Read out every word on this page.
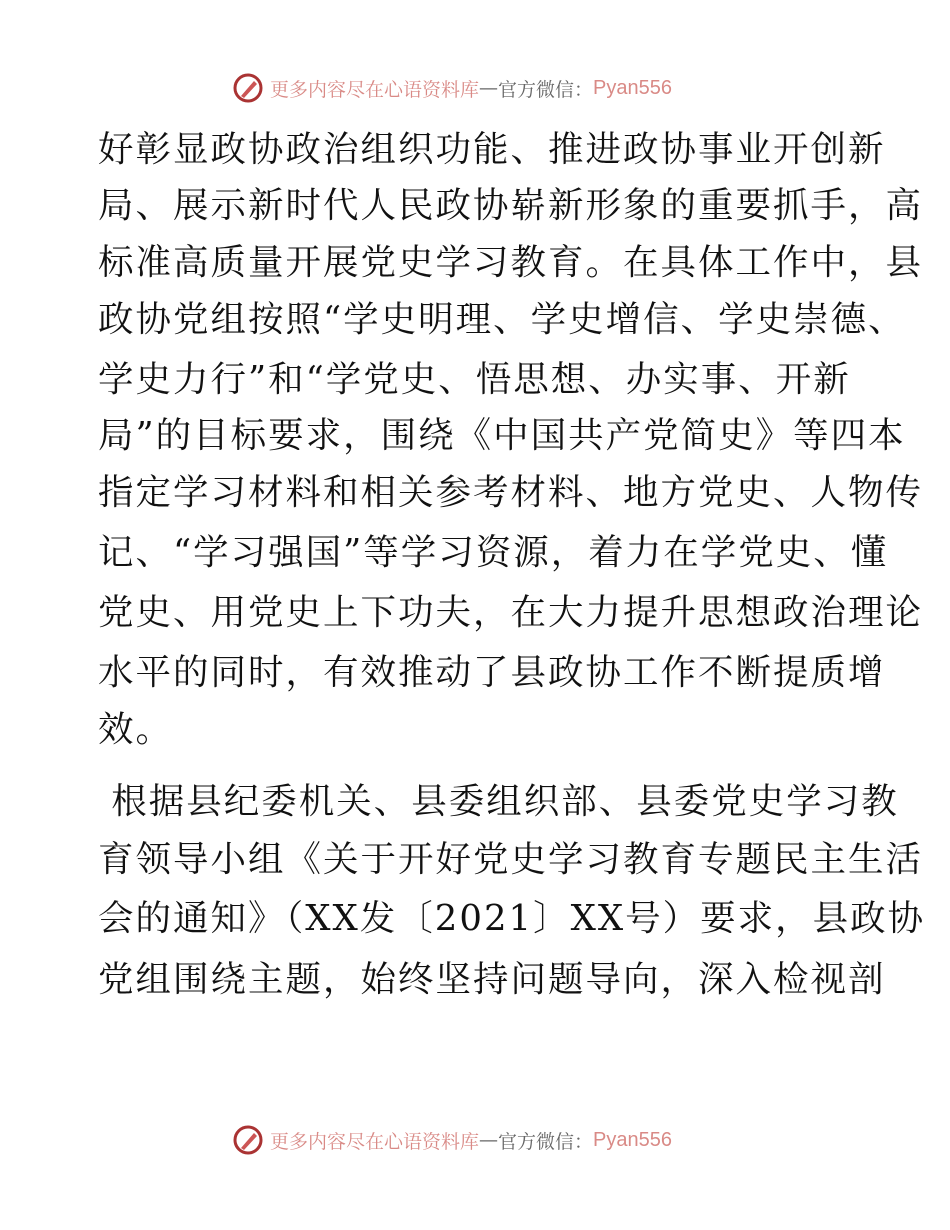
更多内容尽在心语资料库 — 官方微信： Pyan556
好彰显政协政治组织功能、推进政协事业开创新
局、展示新时代人民政协崭新形象的重要抓手，高
标准高质量开展党史学习教育。在具体工作中，县
政协党组按照“学史明理、学史增信、学史崇德、
学史力行”和“学党史、悟思想、办实事、开新
局”的目标要求，围绕《中国共产党简史》等四本
指定学习材料和相关参考材料、地方党史、人物传
记、“学习强国”等学习资源，着力在学党史、懂
党史、用党史上下功夫，在大力提升思想政治理论
水平的同时，有效推动了县政协工作不断提质增
效。
根据县纪委机关、县委组织部、县委党史学习教
育领导小组《关于开好党史学习教育专题民主生活
会的通知》（XX发〔2021〕XX号）要求，县政协
党组围绕主题，始终坚持问题导向，深入检视剖
更多内容尽在心语资料库 — 官方微信： Pyan556
